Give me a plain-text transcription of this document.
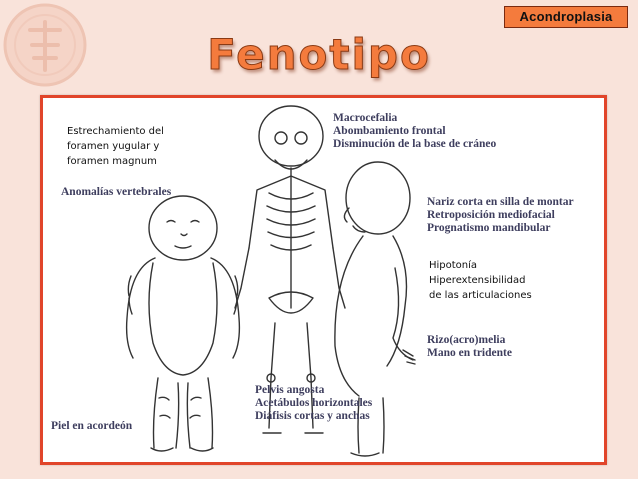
Acondroplasia
Fenotipo
Estrechamiento del
foramen yugular y
foramen magnum
Anomalías vertebrales
Macrocefalia
Abombamiento frontal
Disminución de la base de cráneo
Nariz corta en silla de montar
Retroposición mediofacial
Prognatismo mandibular
Hipotonía
Hiperextensibilidad
de las articulaciones
Rizo(acro)melia
Mano en tridente
Pelvis angosta
Acetábulos horizontales
Diáfisis cortas y anchas
Piel en acordeón
